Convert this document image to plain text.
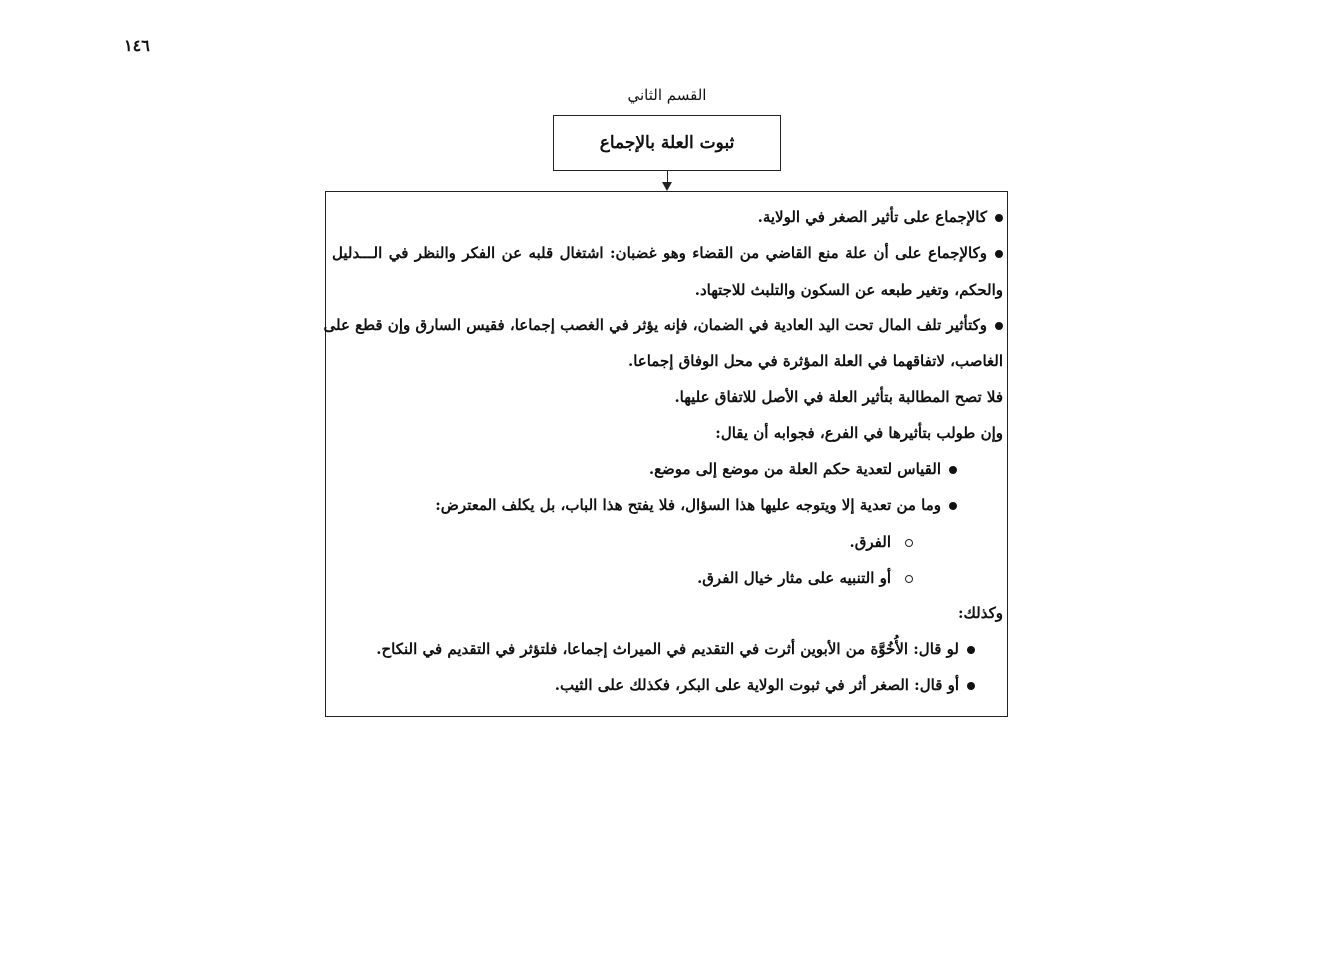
١٤٦
القسم الثاني
ثبوت العلة بالإجماع
كالإجماع على تأثير الصغر في الولاية.
وكالإجماع على أن علة منع القاضي من القضاء وهو غضبان: اشتغال قلبه عن الفكر والنظر في الـــدليل
والحكم، وتغير طبعه عن السكون والتلبث للاجتهاد.
وكتأثير تلف المال تحت اليد العادية في الضمان، فإنه يؤثر في الغصب إجماعا، فقيس السارق وإن قطع على
الغاصب، لاتفاقهما في العلة المؤثرة في محل الوفاق إجماعا.
فلا تصح المطالبة بتأثير العلة في الأصل للاتفاق عليها.
وإن طولب بتأثيرها في الفرع، فجوابه أن يقال:
القياس لتعدية حكم العلة من موضع إلى موضع.
وما من تعدية إلا ويتوجه عليها هذا السؤال، فلا يفتح هذا الباب، بل يكلف المعترض:
الفرق.
أو التنبيه على مثار خيال الفرق.
وكذلك:
لو قال: الأُخُوَّة من الأبوين أثرت في التقديم في الميراث إجماعا، فلتؤثر في التقديم في النكاح.
أو قال: الصغر أثر في ثبوت الولاية على البكر، فكذلك على الثيب.
